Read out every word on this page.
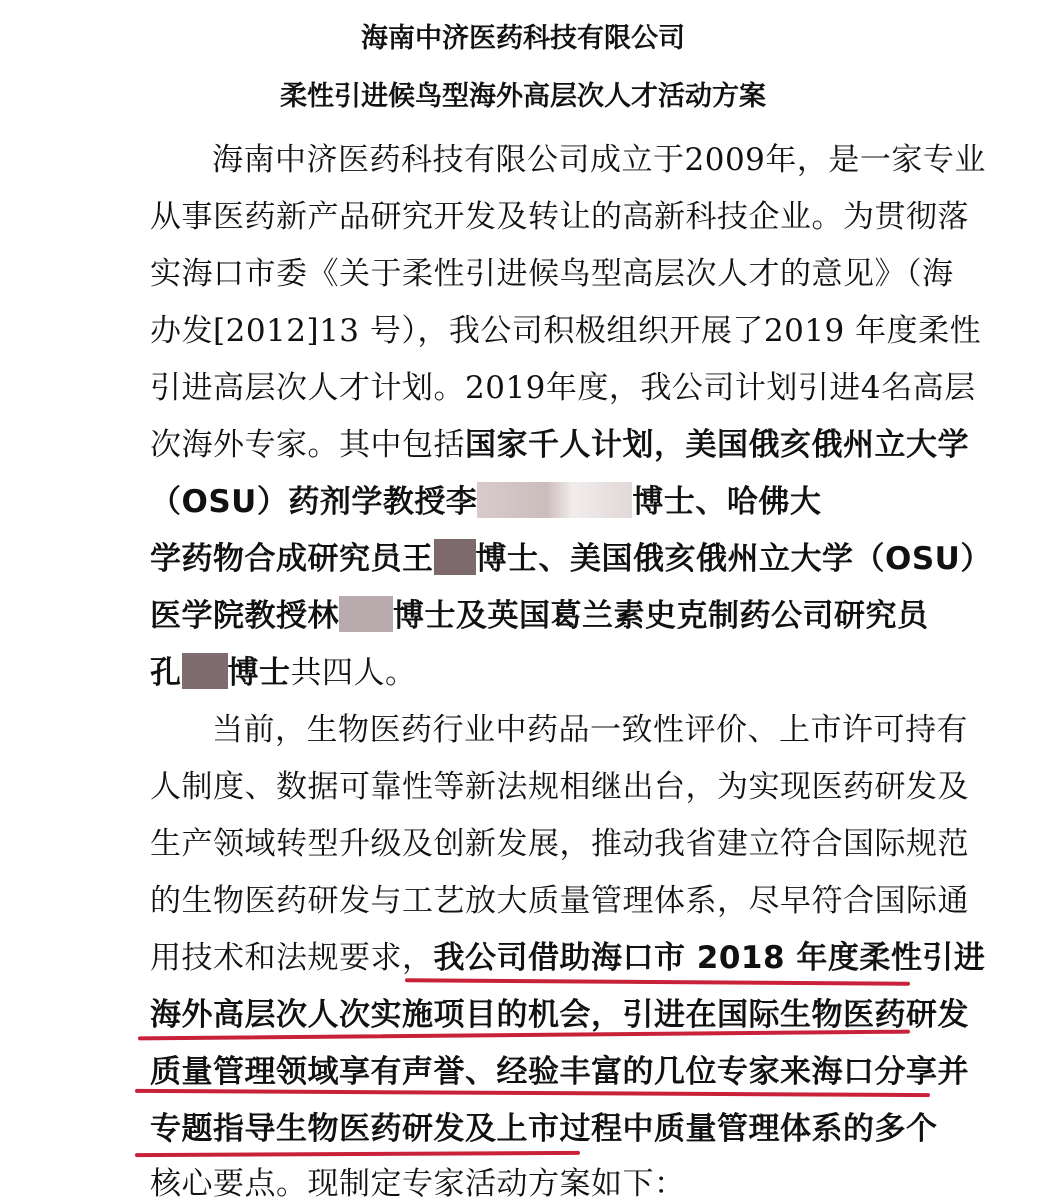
海南中济医药科技有限公司
柔性引进候鸟型海外高层次人才活动方案
海南中济医药科技有限公司成立于2009年，是一家专业
从事医药新产品研究开发及转让的高新科技企业。为贯彻落
实海口市委《关于柔性引进候鸟型高层次人才的意见》（海
办发[2012]13 号），我公司积极组织开展了2019 年度柔性
引进高层次人才计划。2019年度，我公司计划引进4名高层
次海外专家。其中包括国家千人计划，美国俄亥俄州立大学
（OSU）药剂学教授李	博士、哈佛大
学药物合成研究员王 博士、美国俄亥俄州立大学（OSU）
医学院教授林 博士及英国葛兰素史克制药公司研究员
孔 博士共四人。
当前，生物医药行业中药品一致性评价、上市许可持有
人制度、数据可靠性等新法规相继出台，为实现医药研发及
生产领域转型升级及创新发展，推动我省建立符合国际规范
的生物医药研发与工艺放大质量管理体系，尽早符合国际通
用技术和法规要求，我公司借助海口市 2018 年度柔性引进
海外高层次人次实施项目的机会，引进在国际生物医药研发
质量管理领域享有声誉、经验丰富的几位专家来海口分享并
专题指导生物医药研发及上市过程中质量管理体系的多个
核心要点。现制定专家活动方案如下：
